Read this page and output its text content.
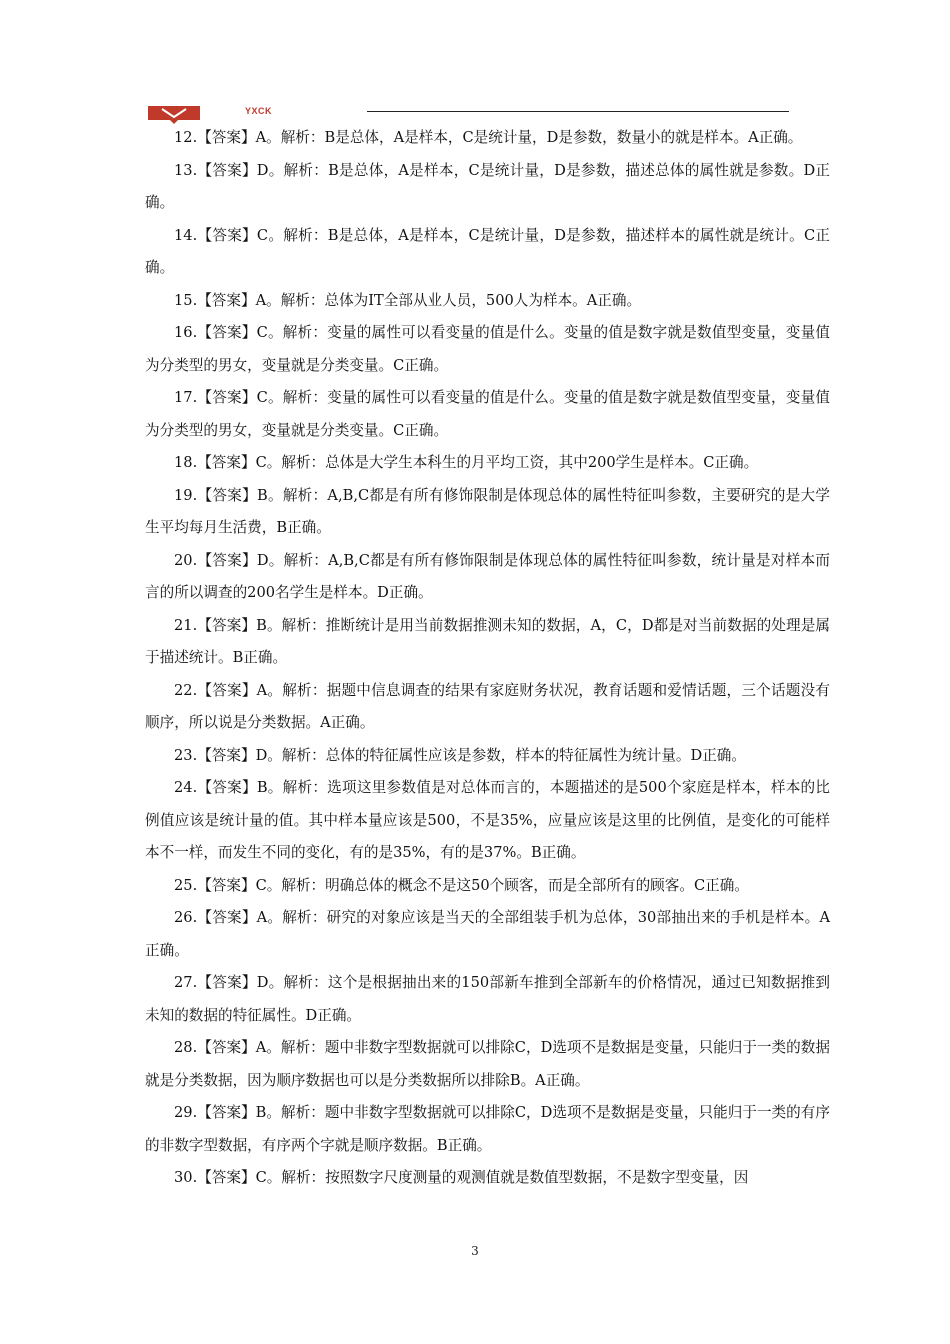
YXCK

12.【答案】A。解析：B是总体，A是样本，C是统计量，D是参数，数量小的就是样本。A正确。

13.【答案】D。解析：B是总体，A是样本，C是统计量，D是参数，描述总体的属性就是参数。D正确。

14.【答案】C。解析：B是总体，A是样本，C是统计量，D是参数，描述样本的属性就是统计。C正确。

15.【答案】A。解析：总体为IT全部从业人员，500人为样本。A正确。

16.【答案】C。解析：变量的属性可以看变量的值是什么。变量的值是数字就是数值型变量，变量值为分类型的男女，变量就是分类变量。C正确。

17.【答案】C。解析：变量的属性可以看变量的值是什么。变量的值是数字就是数值型变量，变量值为分类型的男女，变量就是分类变量。C正确。

18.【答案】C。解析：总体是大学生本科生的月平均工资，其中200学生是样本。C正确。

19.【答案】B。解析：A,B,C都是有所有修饰限制是体现总体的属性特征叫参数，主要研究的是大学生平均每月生活费，B正确。

20.【答案】D。解析：A,B,C都是有所有修饰限制是体现总体的属性特征叫参数，统计量是对样本而言的所以调查的200名学生是样本。D正确。

21.【答案】B。解析：推断统计是用当前数据推测未知的数据，A，C，D都是对当前数据的处理是属于描述统计。B正确。

22.【答案】A。解析：据题中信息调查的结果有家庭财务状况，教育话题和爱情话题，三个话题没有顺序，所以说是分类数据。A正确。

23.【答案】D。解析：总体的特征属性应该是参数，样本的特征属性为统计量。D正确。

24.【答案】B。解析：选项这里参数值是对总体而言的，本题描述的是500个家庭是样本，样本的比例值应该是统计量的值。其中样本量应该是500，不是35%，应量应该是这里的比例值，是变化的可能样本不一样，而发生不同的变化，有的是35%，有的是37%。B正确。

25.【答案】C。解析：明确总体的概念不是这50个顾客，而是全部所有的顾客。C正确。

26.【答案】A。解析：研究的对象应该是当天的全部组装手机为总体，30部抽出来的手机是样本。A正确。

27.【答案】D。解析：这个是根据抽出来的150部新车推到全部新车的价格情况，通过已知数据推到未知的数据的特征属性。D正确。

28.【答案】A。解析：题中非数字型数据就可以排除C，D选项不是数据是变量，只能归于一类的数据就是分类数据，因为顺序数据也可以是分类数据所以排除B。A正确。

29.【答案】B。解析：题中非数字型数据就可以排除C，D选项不是数据是变量，只能归于一类的有序的非数字型数据，有序两个字就是顺序数据。B正确。

30.【答案】C。解析：按照数字尺度测量的观测值就是数值型数据，不是数字型变量，因

3
